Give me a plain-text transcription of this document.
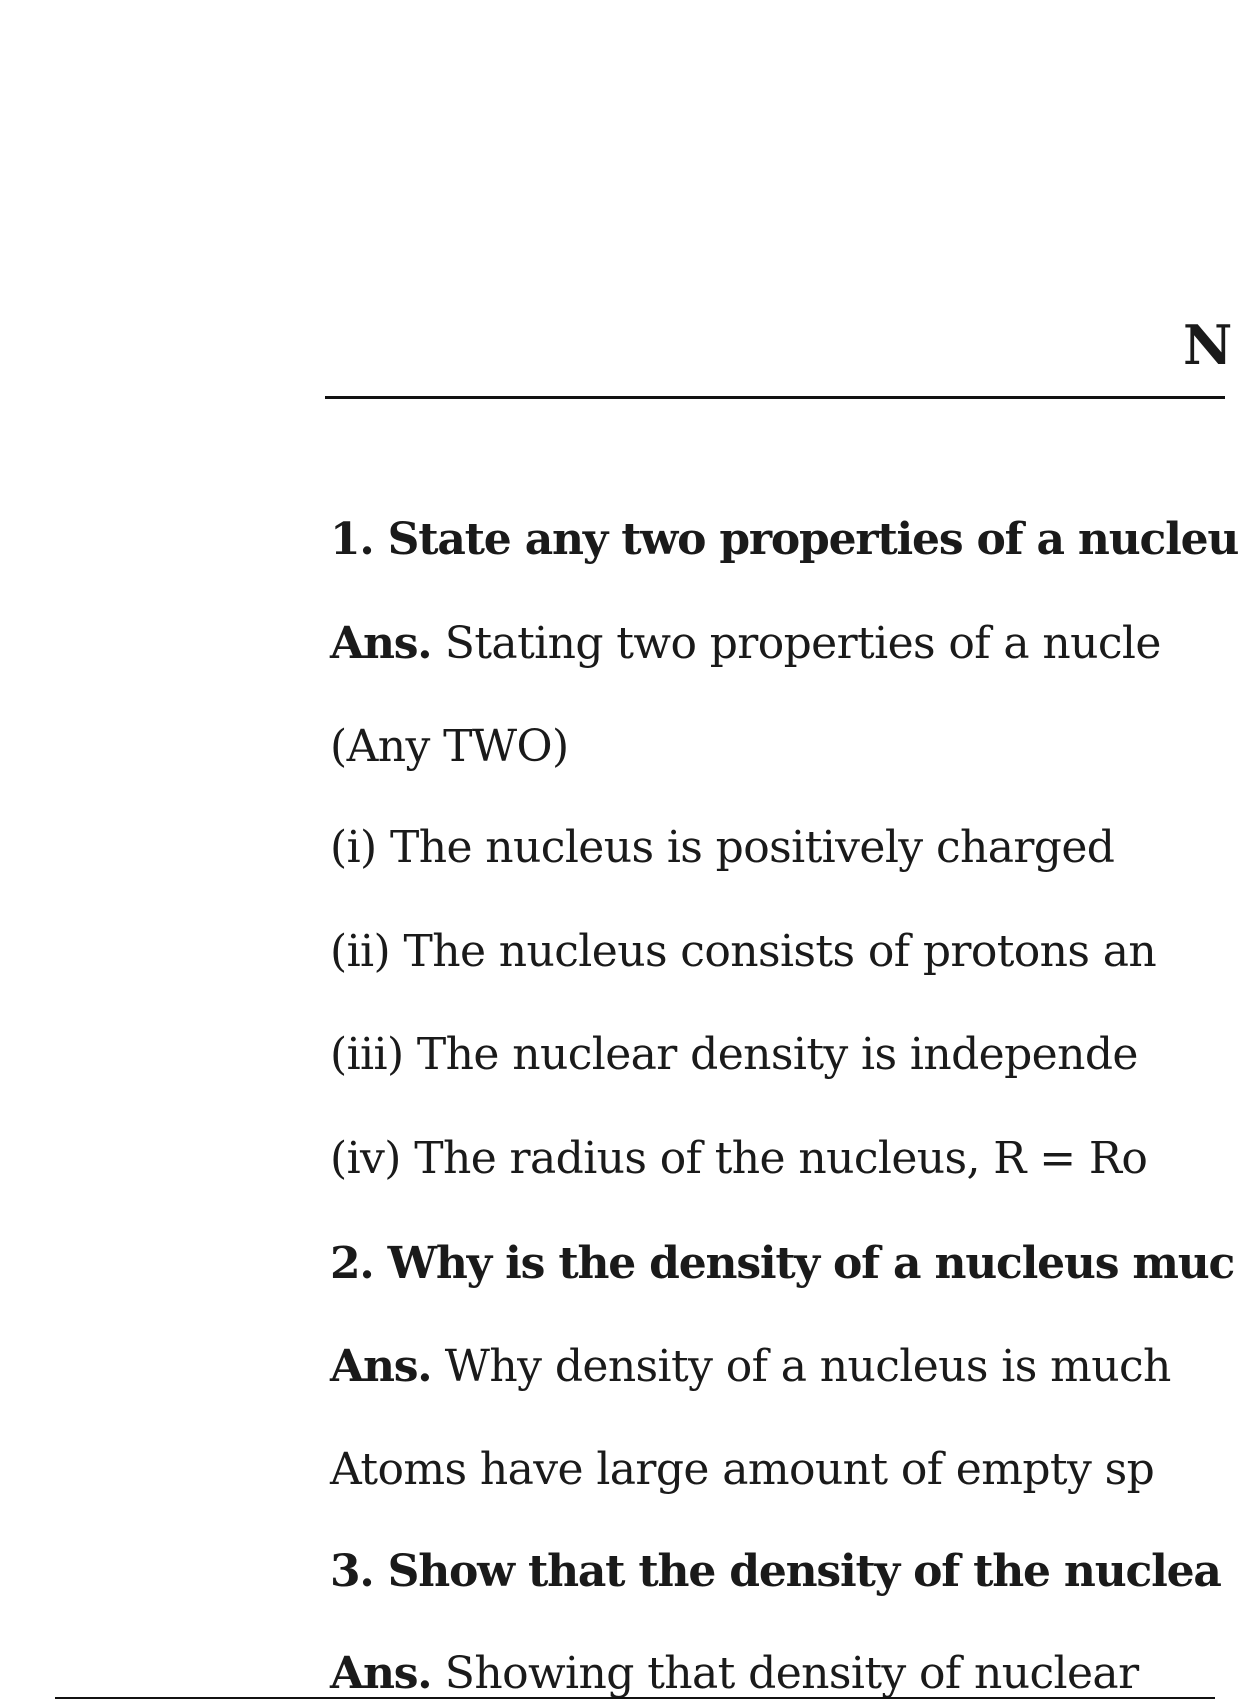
N
1. State any two properties of a nucleu
Ans. Stating two properties of a nucle
(Any TWO)
(i) The nucleus is positively charged
(ii) The nucleus consists of protons an
(iii) The nuclear density is independe
(iv) The radius of the nucleus, R = Ro
2. Why is the density of a nucleus muc
Ans. Why density of a nucleus is much
Atoms have large amount of empty sp
3. Show that the density of the nuclea
Ans. Showing that density of nuclear
